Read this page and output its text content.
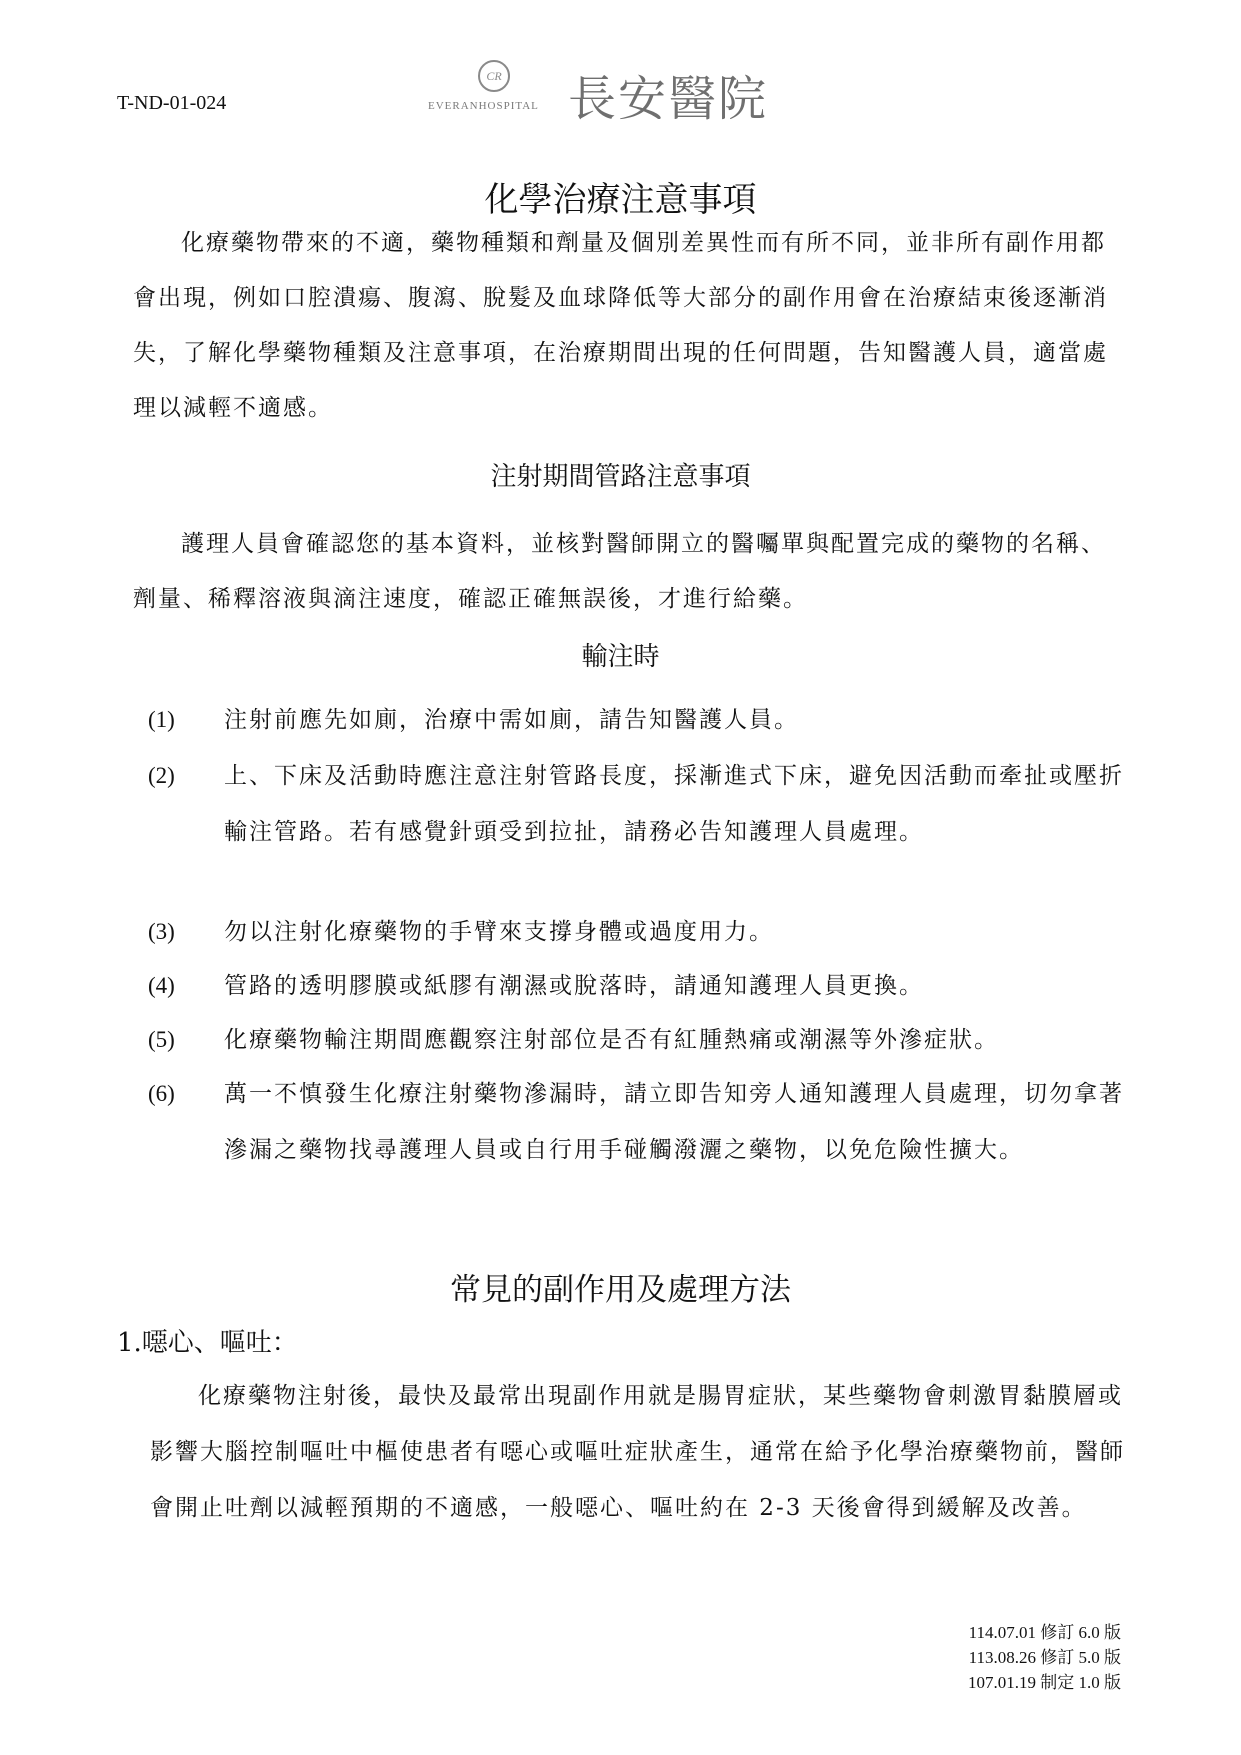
T-ND-01-024
CR
EVERANHOSPITAL 長安醫院
化學治療注意事項

化療藥物帶來的不適，藥物種類和劑量及個別差異性而有所不同，並非所有副作用都會出現，例如口腔潰瘍、腹瀉、脫髮及血球降低等大部分的副作用會在治療結束後逐漸消失，了解化學藥物種類及注意事項，在治療期間出現的任何問題，告知醫護人員，適當處理以減輕不適感。

注射期間管路注意事項

護理人員會確認您的基本資料，並核對醫師開立的醫囑單與配置完成的藥物的名稱、劑量、稀釋溶液與滴注速度，確認正確無誤後，才進行給藥。

輸注時
(1) 注射前應先如廁，治療中需如廁，請告知醫護人員。
(2) 上、下床及活動時應注意注射管路長度，採漸進式下床，避免因活動而牽扯或壓折輸注管路。若有感覺針頭受到拉扯，請務必告知護理人員處理。
(3) 勿以注射化療藥物的手臂來支撐身體或過度用力。
(4) 管路的透明膠膜或紙膠有潮濕或脫落時，請通知護理人員更換。
(5) 化療藥物輸注期間應觀察注射部位是否有紅腫熱痛或潮濕等外滲症狀。
(6) 萬一不慎發生化療注射藥物滲漏時，請立即告知旁人通知護理人員處理，切勿拿著滲漏之藥物找尋護理人員或自行用手碰觸潑灑之藥物，以免危險性擴大。
常見的副作用及處理方法
1.噁心、嘔吐：

化療藥物注射後，最快及最常出現副作用就是腸胃症狀，某些藥物會刺激胃黏膜層或影響大腦控制嘔吐中樞使患者有噁心或嘔吐症狀產生，通常在給予化學治療藥物前，醫師會開止吐劑以減輕預期的不適感，一般噁心、嘔吐約在 2-3 天後會得到緩解及改善。

114.07.01 修訂 6.0 版
113.08.26 修訂 5.0 版
107.01.19 制定 1.0 版
